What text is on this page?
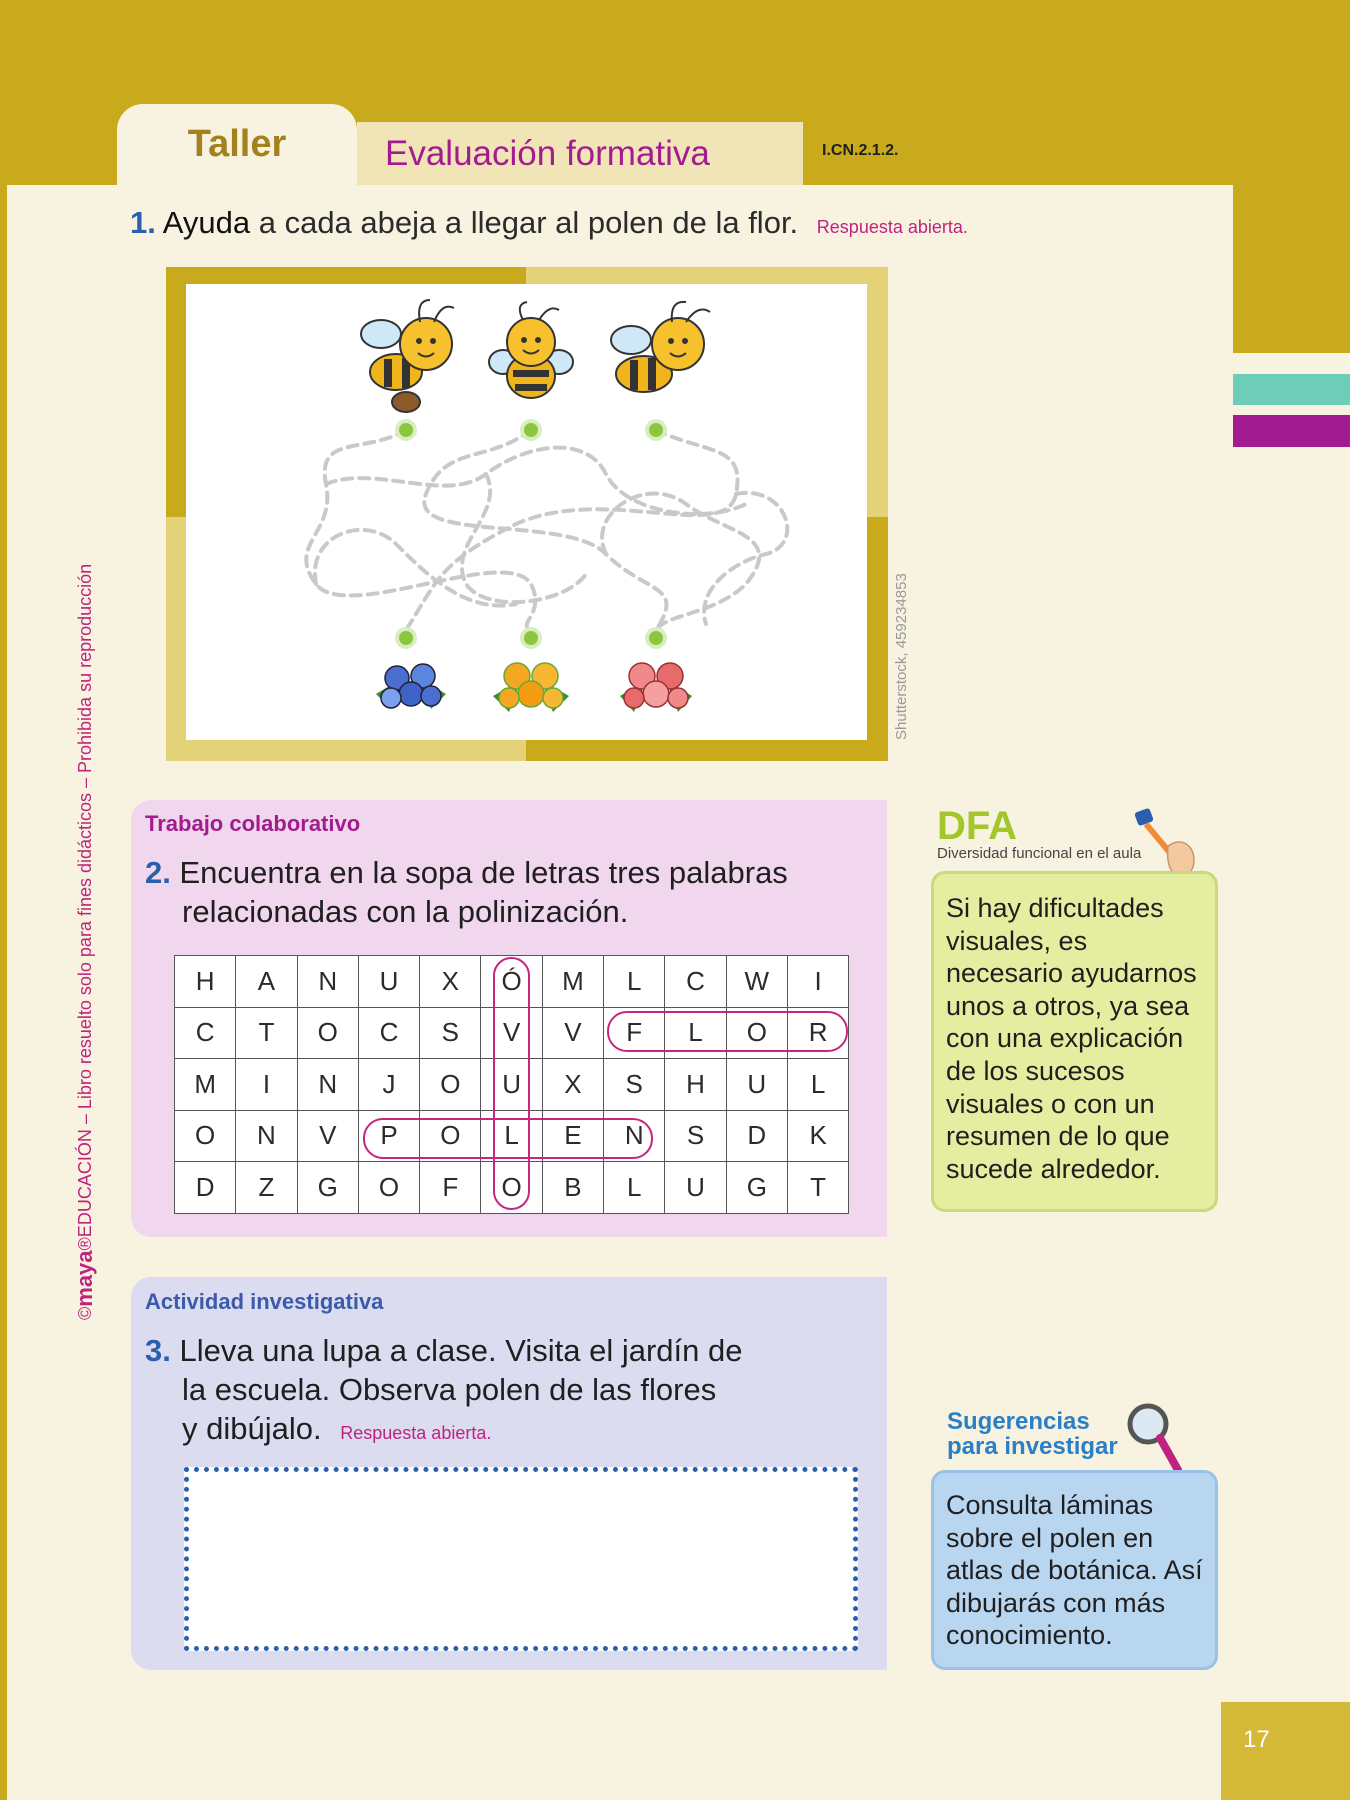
Taller	Evaluación formativa	I.CN.2.1.2.
©
maya
®EDUCACIÓN – Libro resuelto solo para fines didácticos – Prohibida su reproducción
1. Ayuda a cada abeja a llegar al polen de la flor. Respuesta abierta.
Shutterstock, 459234853
Trabajo colaborativo
2. Encuentra en la sopa de letras tres palabras
relacionadas con la polinización.
H	A	N	U	X	Ó	M	L	C	W	I
C	T	O	C	S	V	V	F	L	O	R
M	I	N	J	O	U	X	S	H	U	L
O	N	V	P	O	L	E	N	S	D	K
D	Z	G	O	F	O	B	L	U	G	T
Actividad investigativa
3. Lleva una lupa a clase. Visita el jardín de
la escuela. Observa polen de las flores
y dibújalo. Respuesta abierta.
DFA
Diversidad funcional en el aula
Si hay dificultades visuales, es necesario ayudarnos unos a otros, ya sea con una explicación de los sucesos visuales o con un resumen de lo que sucede alrededor.
Sugerencias
para investigar
Consulta láminas sobre el polen en atlas de botánica. Así dibujarás con más conocimiento.
17
